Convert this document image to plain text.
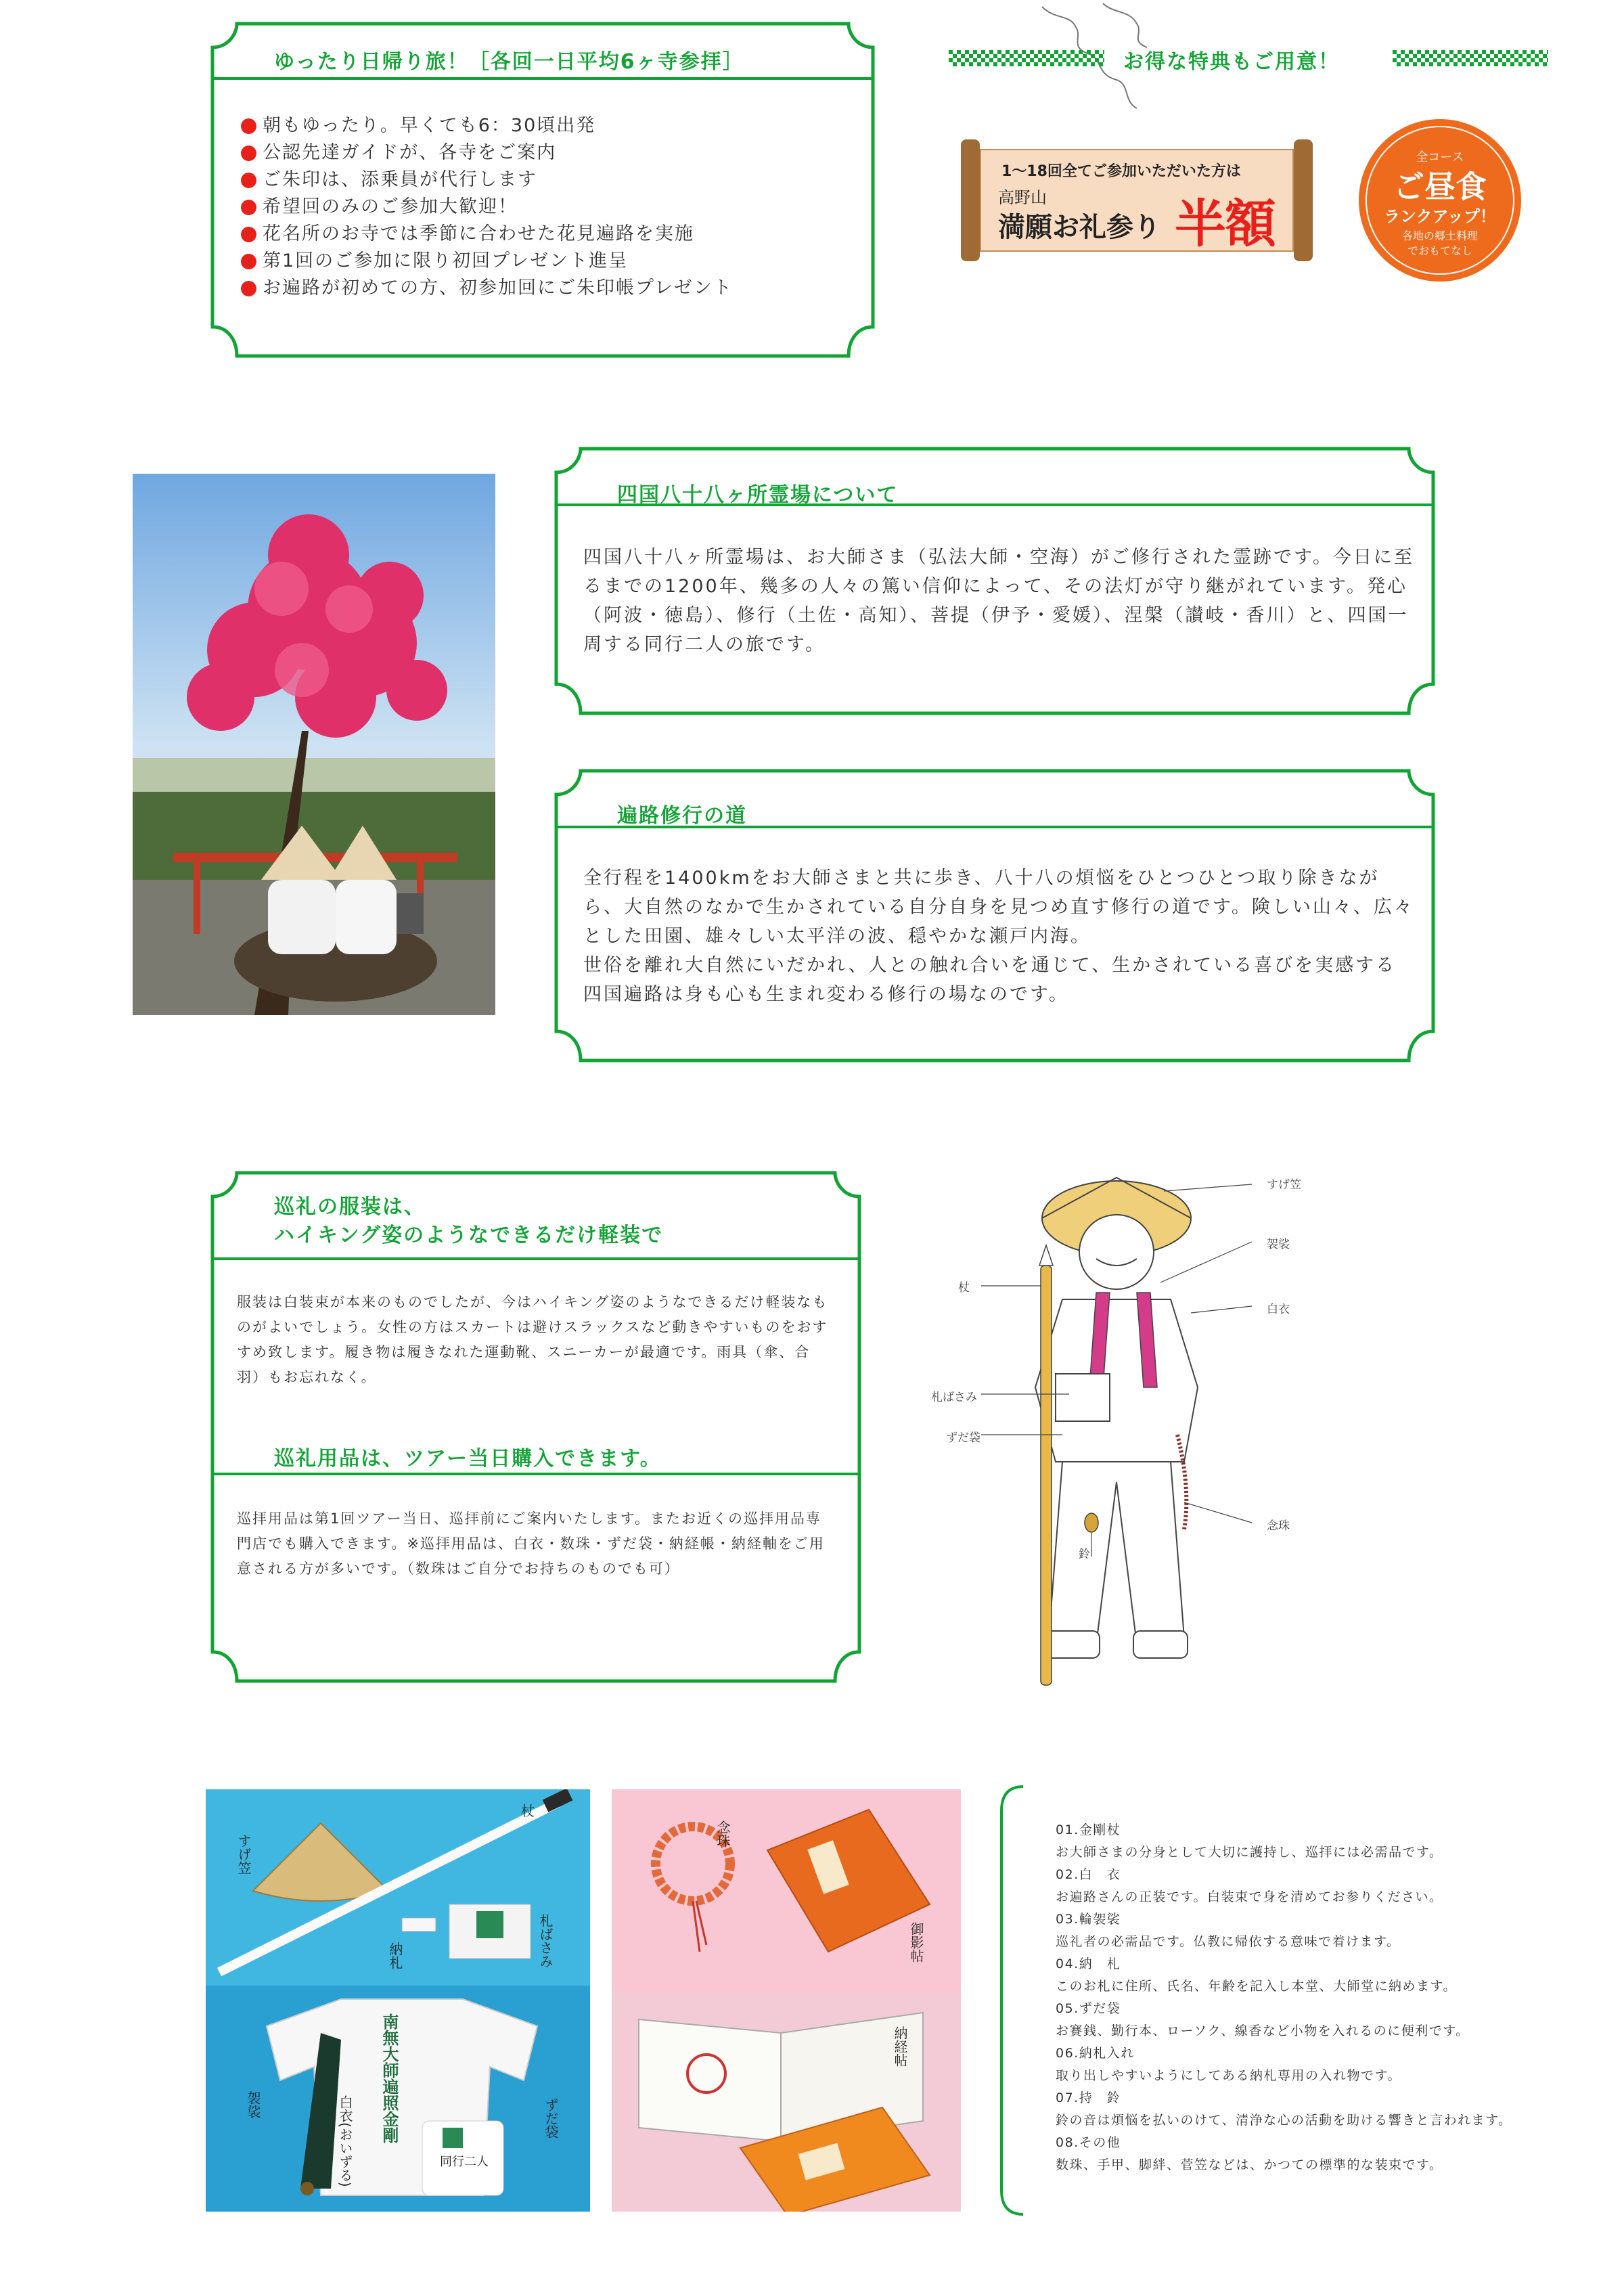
ゆったり日帰り旅！［各回一日平均6ヶ寺参拝］
朝もゆったり。早くても6：30頃出発
公認先達ガイドが、各寺をご案内
ご朱印は、添乗員が代行します
希望回のみのご参加大歓迎！
花名所のお寺では季節に合わせた花見遍路を実施
第1回のご参加に限り初回プレゼント進呈
お遍路が初めての方、初参加回にご朱印帳プレゼント
お得な特典もご用意！
1〜18回全てご参加いただいた方は
高野山
満願お礼参り 半額
全コース
ご昼食
ランクアップ！
各地の郷土料理
でおもてなし
四国八十八ヶ所霊場について

四国八十八ヶ所霊場は、お大師さま（弘法大師・空海）がご修行された霊跡です。今日に至るまでの1200年、幾多の人々の篤い信仰によって、その法灯が守り継がれています。発心（阿波・徳島）、修行（土佐・高知）、菩提（伊予・愛媛）、涅槃（讃岐・香川）と、四国一周する同行二人の旅です。

遍路修行の道

全行程を1400kmをお大師さまと共に歩き、八十八の煩悩をひとつひとつ取り除きながら、大自然のなかで生かされている自分自身を見つめ直す修行の道です。険しい山々、広々とした田園、雄々しい太平洋の波、穏やかな瀬戸内海。

世俗を離れ大自然にいだかれ、人との触れ合いを通じて、生かされている喜びを実感する四国遍路は身も心も生まれ変わる修行の場なのです。

巡礼の服装は、
ハイキング姿のようなできるだけ軽装で

服装は白装束が本来のものでしたが、今はハイキング姿のようなできるだけ軽装なものがよいでしょう。女性の方はスカートは避けスラックスなど動きやすいものをおすすめ致します。履き物は履きなれた運動靴、スニーカーが最適です。雨具（傘、合羽）もお忘れなく。

巡礼用品は、ツアー当日購入できます。

巡拝用品は第1回ツアー当日、巡拝前にご案内いたします。またお近くの巡拝用品専門店でも購入できます。※巡拝用品は、白衣・数珠・ずだ袋・納経帳・納経軸をご用意される方が多いです。（数珠はご自分でお持ちのものでも可）

すげ笠
袈裟
白衣
杖
札ばさみ
ずだ袋
念珠
鈴
杖
すげ笠
札ばさみ
納札
南無大師遍照金剛
袈裟	白衣(おいずる)	ずだ袋
同行二人
念珠
御影帖
納経帖
01.金剛杖
お大師さまの分身として大切に護持し、巡拝には必需品です。
02.白　衣
お遍路さんの正装です。白装束で身を清めてお参りください。
03.輪袈裟
巡礼者の必需品です。仏教に帰依する意味で着けます。
04.納　札
このお札に住所、氏名、年齢を記入し本堂、大師堂に納めます。
05.ずだ袋
お賽銭、勤行本、ローソク、線香など小物を入れるのに便利です。
06.納札入れ
取り出しやすいようにしてある納札専用の入れ物です。
07.持　鈴
鈴の音は煩悩を払いのけて、清浄な心の活動を助ける響きと言われます。
08.その他
数珠、手甲、脚絆、菅笠などは、かつての標準的な装束です。
